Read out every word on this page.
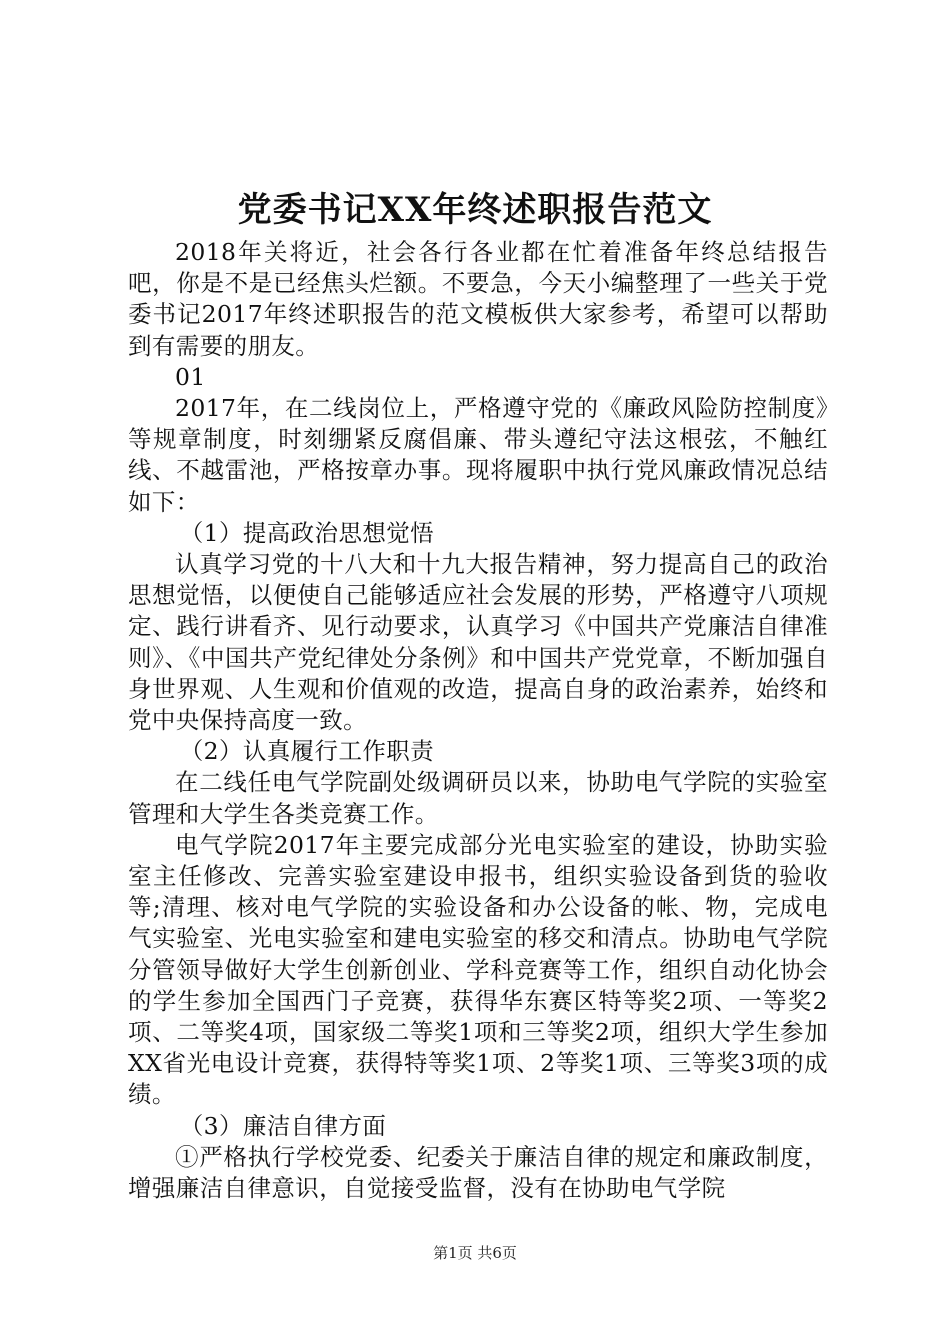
党委书记XX年终述职报告范文

2018年关将近，社会各行各业都在忙着准备年终总结报告吧，你是不是已经焦头烂额。不要急，今天小编整理了一些关于党委书记2017年终述职报告的范文模板供大家参考，希望可以帮助到有需要的朋友。

01

2017年，在二线岗位上，严格遵守党的《廉政风险防控制度》等规章制度，时刻绷紧反腐倡廉、带头遵纪守法这根弦，不触红线、不越雷池，严格按章办事。现将履职中执行党风廉政情况总结如下：

（1）提高政治思想觉悟

认真学习党的十八大和十九大报告精神，努力提高自己的政治思想觉悟，以便使自己能够适应社会发展的形势，严格遵守八项规定、践行讲看齐、见行动要求，认真学习《中国共产党廉洁自律准则》、《中国共产党纪律处分条例》和中国共产党党章，不断加强自身世界观、人生观和价值观的改造，提高自身的政治素养，始终和党中央保持高度一致。

（2）认真履行工作职责

在二线任电气学院副处级调研员以来，协助电气学院的实验室管理和大学生各类竞赛工作。

电气学院2017年主要完成部分光电实验室的建设，协助实验室主任修改、完善实验室建设申报书，组织实验设备到货的验收等;清理、核对电气学院的实验设备和办公设备的帐、物，完成电气实验室、光电实验室和建电实验室的移交和清点。协助电气学院分管领导做好大学生创新创业、学科竞赛等工作，组织自动化协会的学生参加全国西门子竞赛，获得华东赛区特等奖2项、一等奖2项、二等奖4项，国家级二等奖1项和三等奖2项，组织大学生参加XX省光电设计竞赛，获得特等奖1项、2等奖1项、三等奖3项的成绩。

（3）廉洁自律方面

①严格执行学校党委、纪委关于廉洁自律的规定和廉政制度，增强廉洁自律意识，自觉接受监督，没有在协助电气学院

第1页 共6页
